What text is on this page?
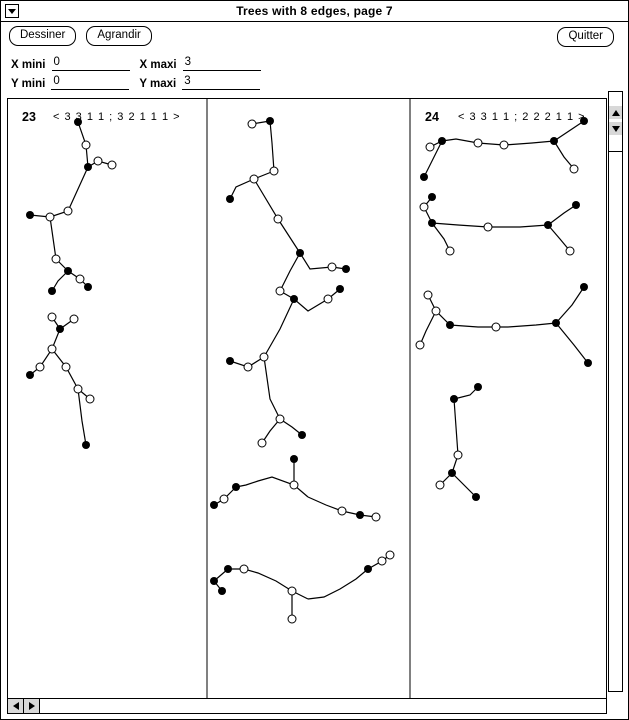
Trees with 8 edges, page 7
Dessiner	Agrandir	Quitter
X mini 0	X maxi 3
Y mini 0	Y maxi 3
23 < 3 3 1 1 ; 3 2 1 1 1 >	24 < 3 3 1 1 ; 2 2 2 1 1 >
